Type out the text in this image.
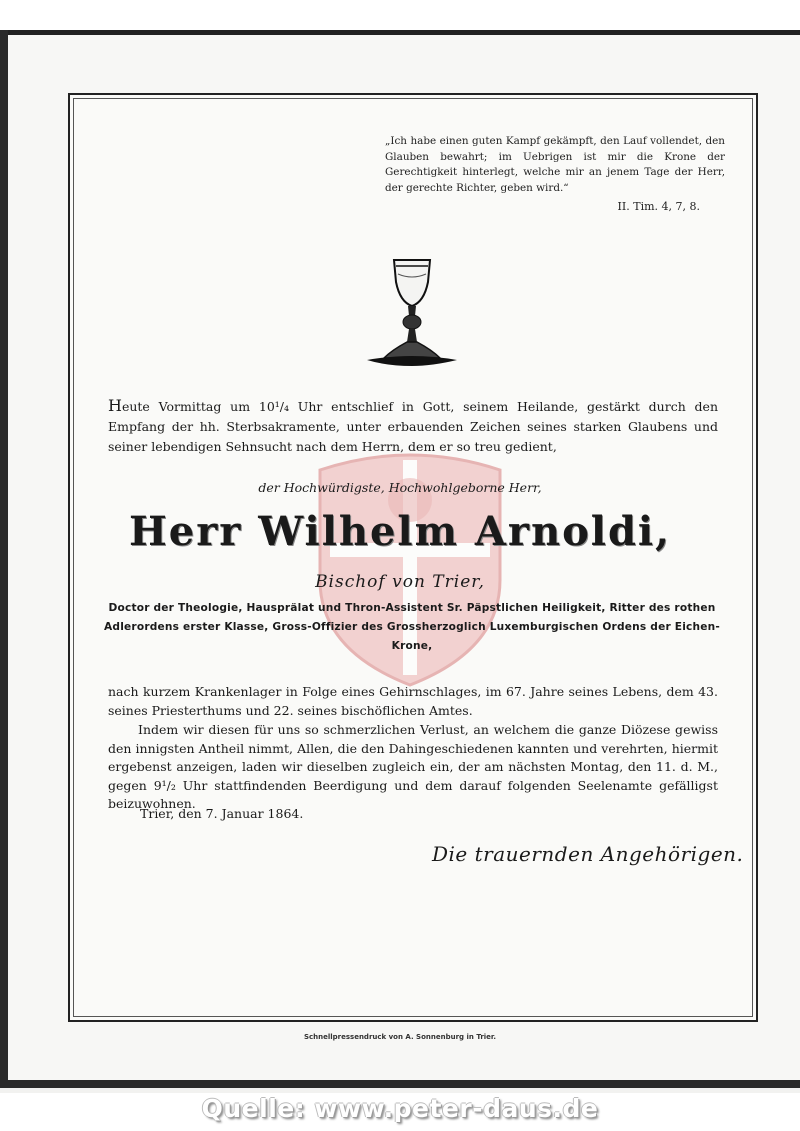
„Ich habe einen guten Kampf gekämpft, den Lauf vollendet, den Glauben bewahrt; im Uebrigen ist mir die Krone der Gerechtigkeit hinterlegt, welche mir an jenem Tage der Herr, der gerechte Richter, geben wird.“
II. Tim. 4, 7, 8.
Heute Vormittag um 10¹/₄ Uhr entschlief in Gott, seinem Heilande, gestärkt durch den Empfang der hh. Sterbsakramente, unter erbauenden Zeichen seines starken Glaubens und seiner lebendigen Sehnsucht nach dem Herrn, dem er so treu gedient,
der Hochwürdigste, Hochwohlgeborne Herr,
Herr Wilhelm Arnoldi,
Bischof von Trier,
Doctor der Theologie, Hausprälat und Thron-Assistent Sr. Päpstlichen Heiligkeit, Ritter des rothen Adlerordens erster Klasse, Gross-Offizier des Grossherzoglich Luxemburgischen Ordens der Eichen-Krone,
nach kurzem Krankenlager in Folge eines Gehirnschlages, im 67. Jahre seines Lebens, dem 43. seines Priesterthums und 22. seines bischöflichen Amtes.
Indem wir diesen für uns so schmerzlichen Verlust, an welchem die ganze Diözese gewiss den innigsten Antheil nimmt, Allen, die den Dahingeschiedenen kannten und verehrten, hiermit ergebenst anzeigen, laden wir dieselben zugleich ein, der am nächsten Montag, den 11. d. M., gegen 9¹/₂ Uhr stattfindenden Beerdigung und dem darauf folgenden Seelenamte gefälligst beizuwohnen.
Trier, den 7. Januar 1864.
Die trauernden Angehörigen.
Schnellpressendruck von A. Sonnenburg in Trier.
Quelle: www.peter-daus.de
